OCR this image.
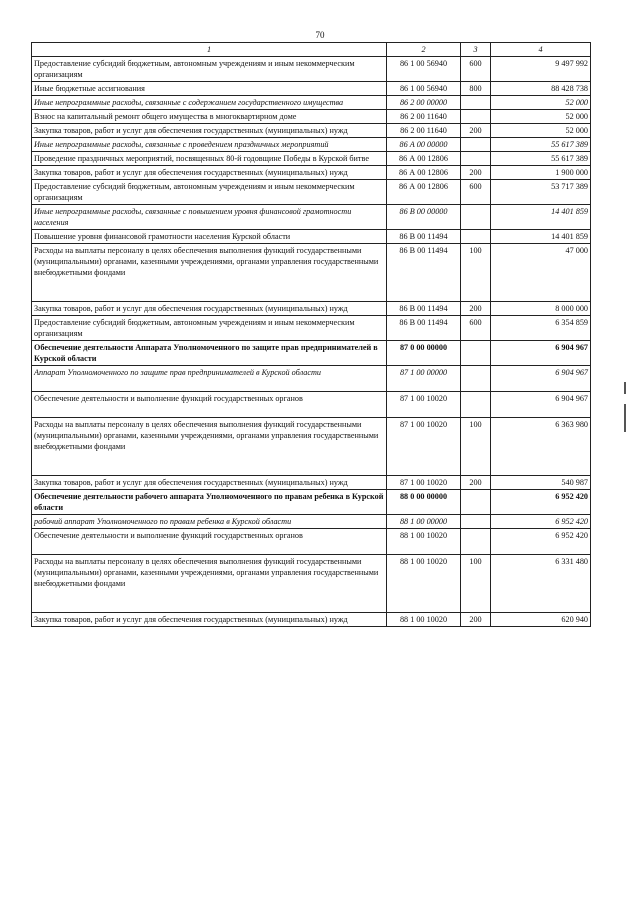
70
1	2	3	4
Предоставление субсидий бюджетным, автономным учреждениям и иным некоммерческим организациям	86 1 00 56940	600	9 497 992
Иные бюджетные ассигнования	86 1 00 56940	800	88 428 738
Иные непрограммные расходы, связанные с содержанием государственного имущества	86 2 00 00000		52 000
Взнос на капитальный ремонт общего имущества в многоквартирном доме	86 2 00 11640		52 000
Закупка товаров, работ и услуг для обеспечения государственных (муниципальных) нужд	86 2 00 11640	200	52 000
Иные непрограммные расходы, связанные с проведением праздничных мероприятий	86 А 00 00000		55 617 389
Проведение праздничных мероприятий, посвященных 80-й годовщине Победы в Курской битве	86 А 00 12806		55 617 389
Закупка товаров, работ и услуг для обеспечения государственных (муниципальных) нужд	86 А 00 12806	200	1 900 000
Предоставление субсидий бюджетным, автономным учреждениям и иным некоммерческим организациям	86 А 00 12806	600	53 717 389
Иные непрограммные расходы, связанные с повышением уровня финансовой грамотности населения	86 В 00 00000		14 401 859
Повышение уровня финансовой грамотности населения Курской области	86 В 00 11494		14 401 859
Расходы на выплаты персоналу в целях обеспечения выполнения функций государственными (муниципальными) органами, казенными учреждениями, органами управления государственными внебюджетными фондами	86 В 00 11494	100	47 000
Закупка товаров, работ и услуг для обеспечения государственных (муниципальных) нужд	86 В 00 11494	200	8 000 000
Предоставление субсидий бюджетным, автономным учреждениям и иным некоммерческим организациям	86 В 00 11494	600	6 354 859
Обеспечение деятельности Аппарата Уполномоченного по защите прав предпринимателей в Курской области	87 0 00 00000		6 904 967
Аппарат Уполномоченного по защите прав предпринимателей в Курской области	87 1 00 00000		6 904 967
Обеспечение деятельности и выполнение функций государственных органов	87 1 00 10020		6 904 967
Расходы на выплаты персоналу в целях обеспечения выполнения функций государственными (муниципальными) органами, казенными учреждениями, органами управления государственными внебюджетными фондами	87 1 00 10020	100	6 363 980
Закупка товаров, работ и услуг для обеспечения государственных (муниципальных) нужд	87 1 00 10020	200	540 987
Обеспечение деятельности рабочего аппарата Уполномоченного по правам ребенка в Курской области	88 0 00 00000		6 952 420
рабочий аппарат Уполномоченного по правам ребенка в Курской области	88 1 00 00000		6 952 420
Обеспечение деятельности и выполнение функций государственных органов	88 1 00 10020		6 952 420
Расходы на выплаты персоналу в целях обеспечения выполнения функций государственными (муниципальными) органами, казенными учреждениями, органами управления государственными внебюджетными фондами	88 1 00 10020	100	6 331 480
Закупка товаров, работ и услуг для обеспечения государственных (муниципальных) нужд	88 1 00 10020	200	620 940
